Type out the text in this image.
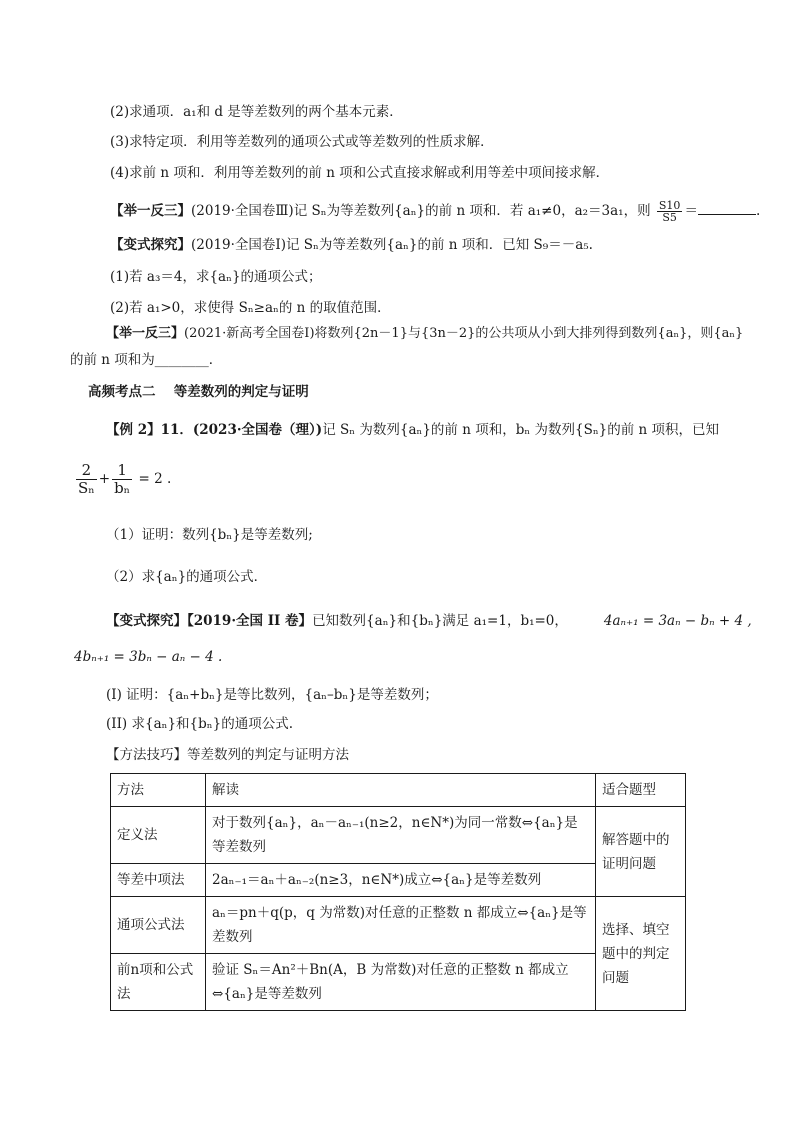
(2)求通项．a₁和 d 是等差数列的两个基本元素．
(3)求特定项．利用等差数列的通项公式或等差数列的性质求解．
(4)求前 n 项和．利用等差数列的前 n 项和公式直接求解或利用等差中项间接求解．
【举一反三】(2019·全国卷Ⅲ)记 Sₙ为等差数列{aₙ}的前 n 项和．若 a₁≠0，a₂＝3a₁，则 $\frac{S10}{S5}$ ＝	.
【变式探究】(2019·全国卷Ⅰ)记 Sₙ为等差数列{aₙ}的前 n 项和．已知 S₉＝－a₅.
(1)若 a₃＝4，求{aₙ}的通项公式；
(2)若 a₁>0，求使得 Sₙ≥aₙ的 n 的取值范围．
【举一反三】(2021·新高考全国卷Ⅰ)将数列{2n－1}与{3n－2}的公共项从小到大排列得到数列{aₙ}，则{aₙ}
的前 n 项和为________．
高频考点二　 等差数列的判定与证明
【例 2】11．(2023·全国卷（理）)记 Sₙ 为数列{aₙ}的前 n 项和，bₙ 为数列{Sₙ}的前 n 项积，已知
$\frac{2}{\text{Sₙ}} + \frac{1}{\text{bₙ}} = 2$ .
（1）证明：数列{bₙ}是等差数列;
（2）求{aₙ}的通项公式．
【变式探究】【2019·全国 II 卷】已知数列{aₙ}和{bₙ}满足 a₁=1，b₁=0，	4aₙ₊₁ = 3aₙ − bₙ + 4 ,
4bₙ₊₁ = 3bₙ − aₙ − 4 .
(I) 证明：{aₙ+bₙ}是等比数列，{aₙ–bₙ}是等差数列；
(II) 求{aₙ}和{bₙ}的通项公式.
【方法技巧】等差数列的判定与证明方法
方法	解读	适合题型
定义法	对于数列{aₙ}，aₙ－aₙ₋₁(n≥2，n∈N*)为同一常数⇔{aₙ}是等差数列	解答题中的证明问题
等差中项法	2aₙ₋₁＝aₙ＋aₙ₋₂(n≥3，n∈N*)成立⇔{aₙ}是等差数列	
通项公式法	aₙ＝pn＋q(p，q 为常数)对任意的正整数 n 都成立⇔{aₙ}是等差数列	选择、填空题中的判定问题
前n项和公式法	验证 Sₙ＝An²＋Bn(A，B 为常数)对任意的正整数 n 都成立⇔{aₙ}是等差数列	
